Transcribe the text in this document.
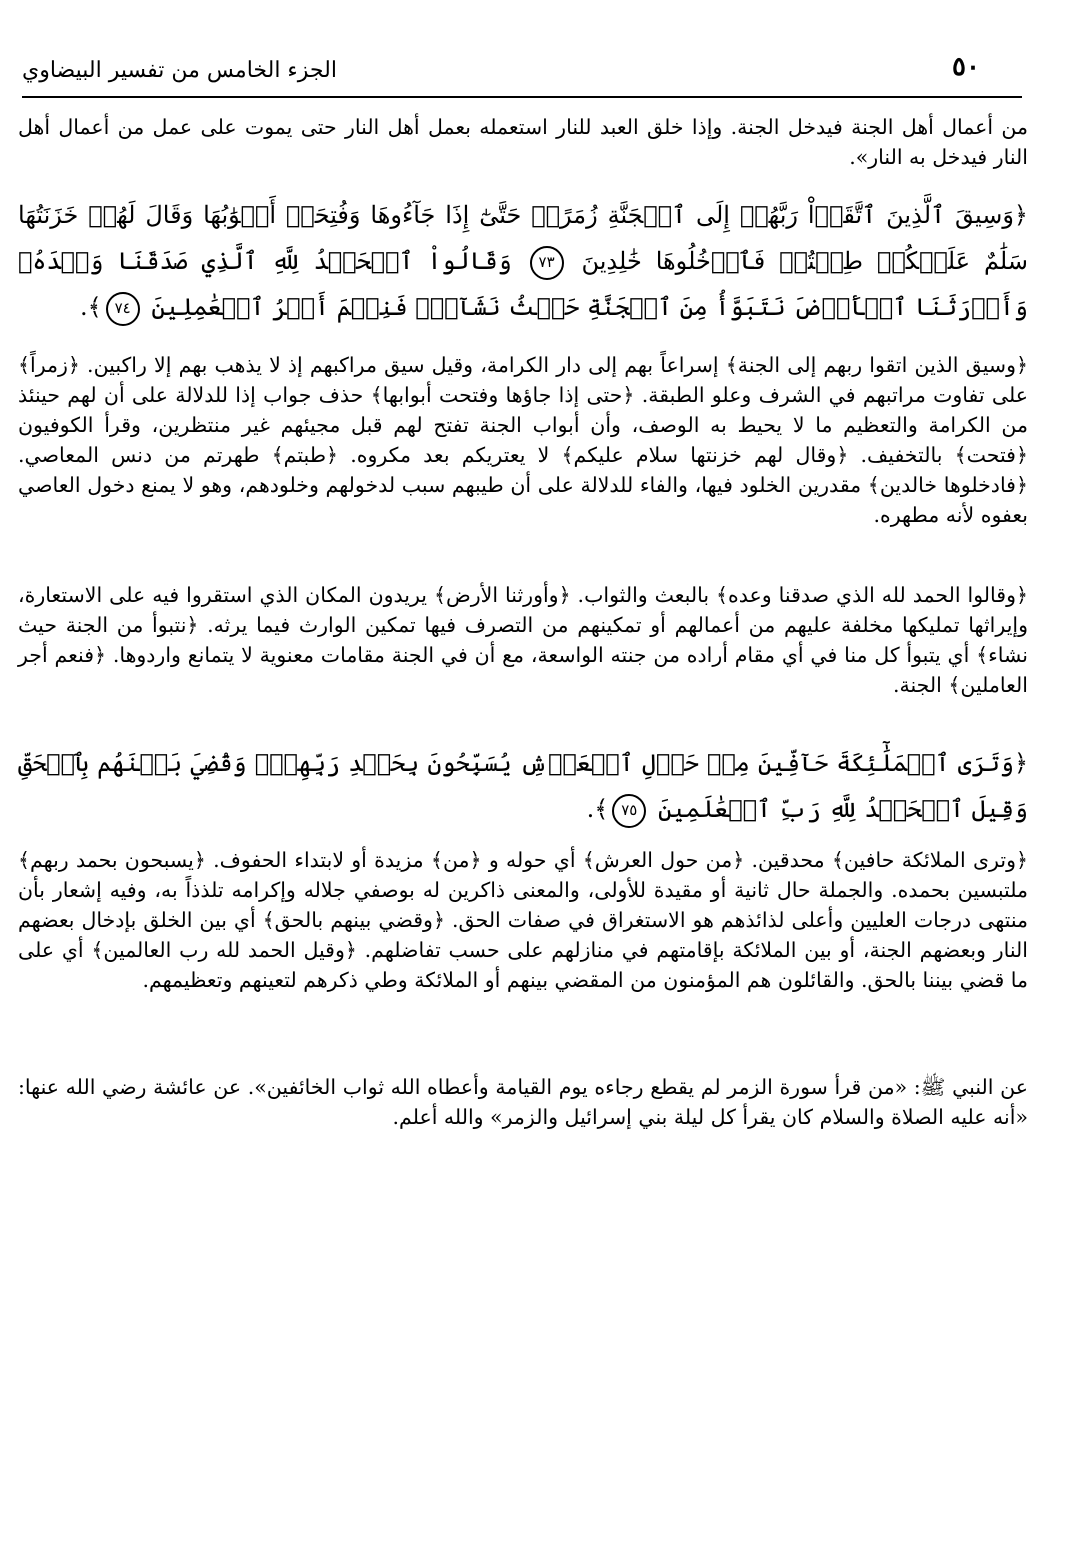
٥٠
الجزء الخامس من تفسير البيضاوي
من أعمال أهل الجنة فيدخل الجنة. وإذا خلق العبد للنار استعمله بعمل أهل النار حتى يموت على عمل من أعمال أهل النار فيدخل به النار».
﴿وَسِيقَ ٱلَّذِينَ ٱتَّقَوۡاْ رَبَّهُمۡ إِلَى ٱلۡجَنَّةِ زُمَرًاۖ حَتَّىٰٓ إِذَا جَآءُوهَا وَفُتِحَتۡ أَبۡوَٰبُهَا وَقَالَ لَهُمۡ خَزَنَتُهَا سَلَٰمٌ عَلَيۡكُمۡ طِبۡتُمۡ فَٱدۡخُلُوهَا خَٰلِدِينَ ٧٣ وَقَالُواْ ٱلۡحَمۡدُ لِلَّهِ ٱلَّذِي صَدَقَنَا وَعۡدَهُۥ وَأَوۡرَثَنَا ٱلۡأَرۡضَ نَتَبَوَّأُ مِنَ ٱلۡجَنَّةِ حَيۡثُ نَشَآءُۖ فَنِعۡمَ أَجۡرُ ٱلۡعَٰمِلِينَ ٧٤﴾.
﴿وسيق الذين اتقوا ربهم إلى الجنة﴾ إسراعاً بهم إلى دار الكرامة، وقيل سيق مراكبهم إذ لا يذهب بهم إلا راكبين. ﴿زمراً﴾ على تفاوت مراتبهم في الشرف وعلو الطبقة. ﴿حتى إذا جاؤها وفتحت أبوابها﴾ حذف جواب إذا للدلالة على أن لهم حينئذ من الكرامة والتعظيم ما لا يحيط به الوصف، وأن أبواب الجنة تفتح لهم قبل مجيئهم غير منتظرين، وقرأ الكوفيون ﴿فتحت﴾ بالتخفيف. ﴿وقال لهم خزنتها سلام عليكم﴾ لا يعتريكم بعد مكروه. ﴿طبتم﴾ طهرتم من دنس المعاصي. ﴿فادخلوها خالدين﴾ مقدرين الخلود فيها، والفاء للدلالة على أن طيبهم سبب لدخولهم وخلودهم، وهو لا يمنع دخول العاصي بعفوه لأنه مطهره.
﴿وقالوا الحمد لله الذي صدقنا وعده﴾ بالبعث والثواب. ﴿وأورثنا الأرض﴾ يريدون المكان الذي استقروا فيه على الاستعارة، وإيراثها تمليكها مخلفة عليهم من أعمالهم أو تمكينهم من التصرف فيها تمكين الوارث فيما يرثه. ﴿نتبوأ من الجنة حيث نشاء﴾ أي يتبوأ كل منا في أي مقام أراده من جنته الواسعة، مع أن في الجنة مقامات معنوية لا يتمانع واردوها. ﴿فنعم أجر العاملين﴾ الجنة.
﴿وَتَرَى ٱلۡمَلَٰٓئِكَةَ حَآفِّينَ مِنۡ حَوۡلِ ٱلۡعَرۡشِ يُسَبِّحُونَ بِحَمۡدِ رَبِّهِمۡۖ وَقُضِيَ بَيۡنَهُم بِٱلۡحَقِّ وَقِيلَ ٱلۡحَمۡدُ لِلَّهِ رَبِّ ٱلۡعَٰلَمِينَ ٧٥﴾.
﴿وترى الملائكة حافين﴾ محدقين. ﴿من حول العرش﴾ أي حوله و ﴿من﴾ مزيدة أو لابتداء الحفوف. ﴿يسبحون بحمد ربهم﴾ ملتبسين بحمده. والجملة حال ثانية أو مقيدة للأولى، والمعنى ذاكرين له بوصفي جلاله وإكرامه تلذذاً به، وفيه إشعار بأن منتهى درجات العليين وأعلى لذائذهم هو الاستغراق في صفات الحق. ﴿وقضي بينهم بالحق﴾ أي بين الخلق بإدخال بعضهم النار وبعضهم الجنة، أو بين الملائكة بإقامتهم في منازلهم على حسب تفاضلهم. ﴿وقيل الحمد لله رب العالمين﴾ أي على ما قضي بيننا بالحق. والقائلون هم المؤمنون من المقضي بينهم أو الملائكة وطي ذكرهم لتعينهم وتعظيمهم.
عن النبي ﷺ: «من قرأ سورة الزمر لم يقطع رجاءه يوم القيامة وأعطاه الله ثواب الخائفين». عن عائشة رضي الله عنها: «أنه عليه الصلاة والسلام كان يقرأ كل ليلة بني إسرائيل والزمر» والله أعلم.
